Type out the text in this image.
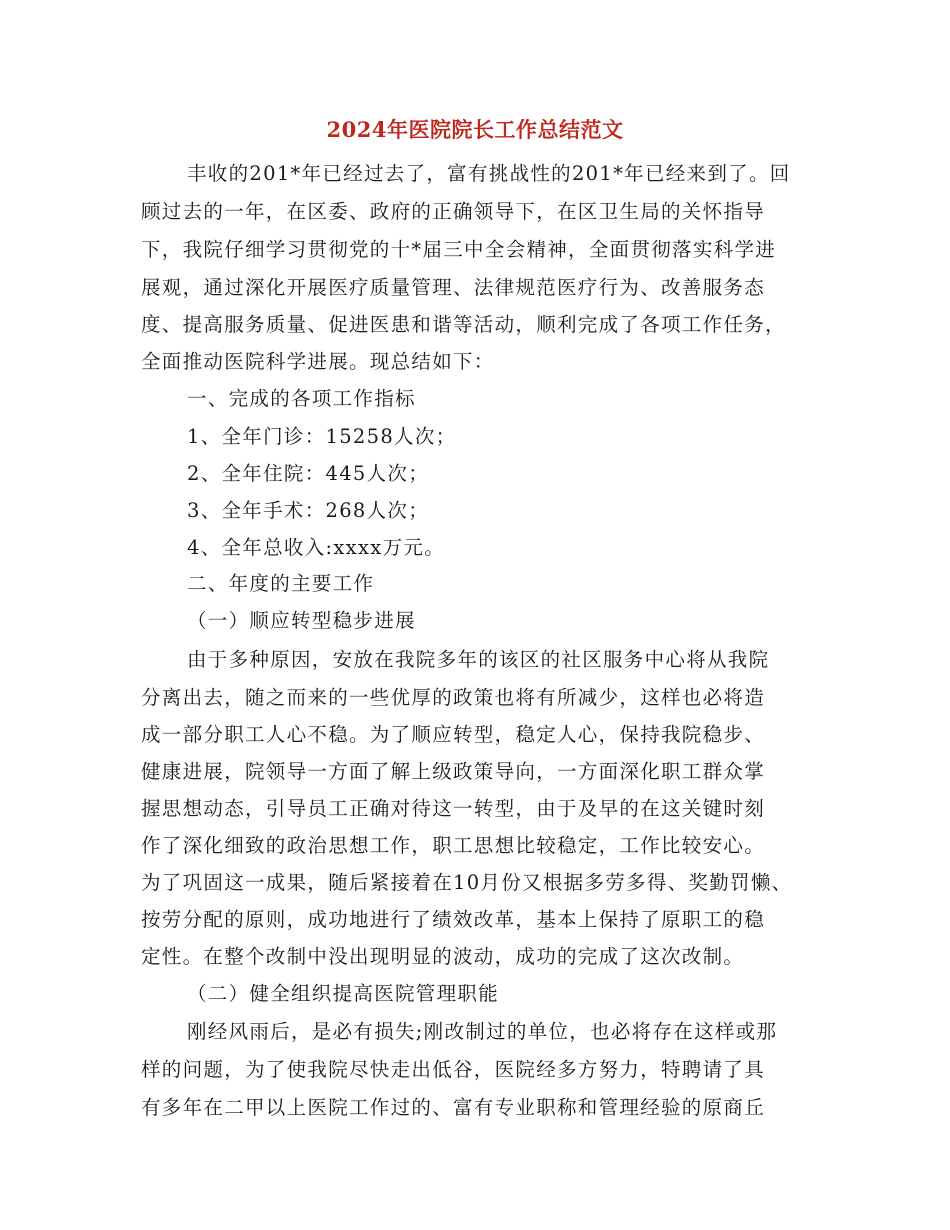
2024年医院院长工作总结范文
丰收的201*年已经过去了，富有挑战性的201*年已经来到了。回
顾过去的一年，在区委、政府的正确领导下，在区卫生局的关怀指导
下，我院仔细学习贯彻党的十*届三中全会精神，全面贯彻落实科学进
展观，通过深化开展医疗质量管理、法律规范医疗行为、改善服务态
度、提高服务质量、促进医患和谐等活动，顺利完成了各项工作任务，
全面推动医院科学进展。现总结如下：
一、完成的各项工作指标
1、全年门诊：15258人次；
2、全年住院：445人次；
3、全年手术：268人次；
4、全年总收入:xxxx万元。
二、年度的主要工作
（一）顺应转型稳步进展
由于多种原因，安放在我院多年的该区的社区服务中心将从我院
分离出去，随之而来的一些优厚的政策也将有所减少，这样也必将造
成一部分职工人心不稳。为了顺应转型，稳定人心，保持我院稳步、
健康进展，院领导一方面了解上级政策导向，一方面深化职工群众掌
握思想动态，引导员工正确对待这一转型，由于及早的在这关键时刻
作了深化细致的政治思想工作，职工思想比较稳定，工作比较安心。
为了巩固这一成果，随后紧接着在10月份又根据多劳多得、奖勤罚懒、
按劳分配的原则，成功地进行了绩效改革，基本上保持了原职工的稳
定性。在整个改制中没出现明显的波动，成功的完成了这次改制。
（二）健全组织提高医院管理职能
刚经风雨后，是必有损失;刚改制过的单位，也必将存在这样或那
样的问题，为了使我院尽快走出低谷，医院经多方努力，特聘请了具
有多年在二甲以上医院工作过的、富有专业职称和管理经验的原商丘
